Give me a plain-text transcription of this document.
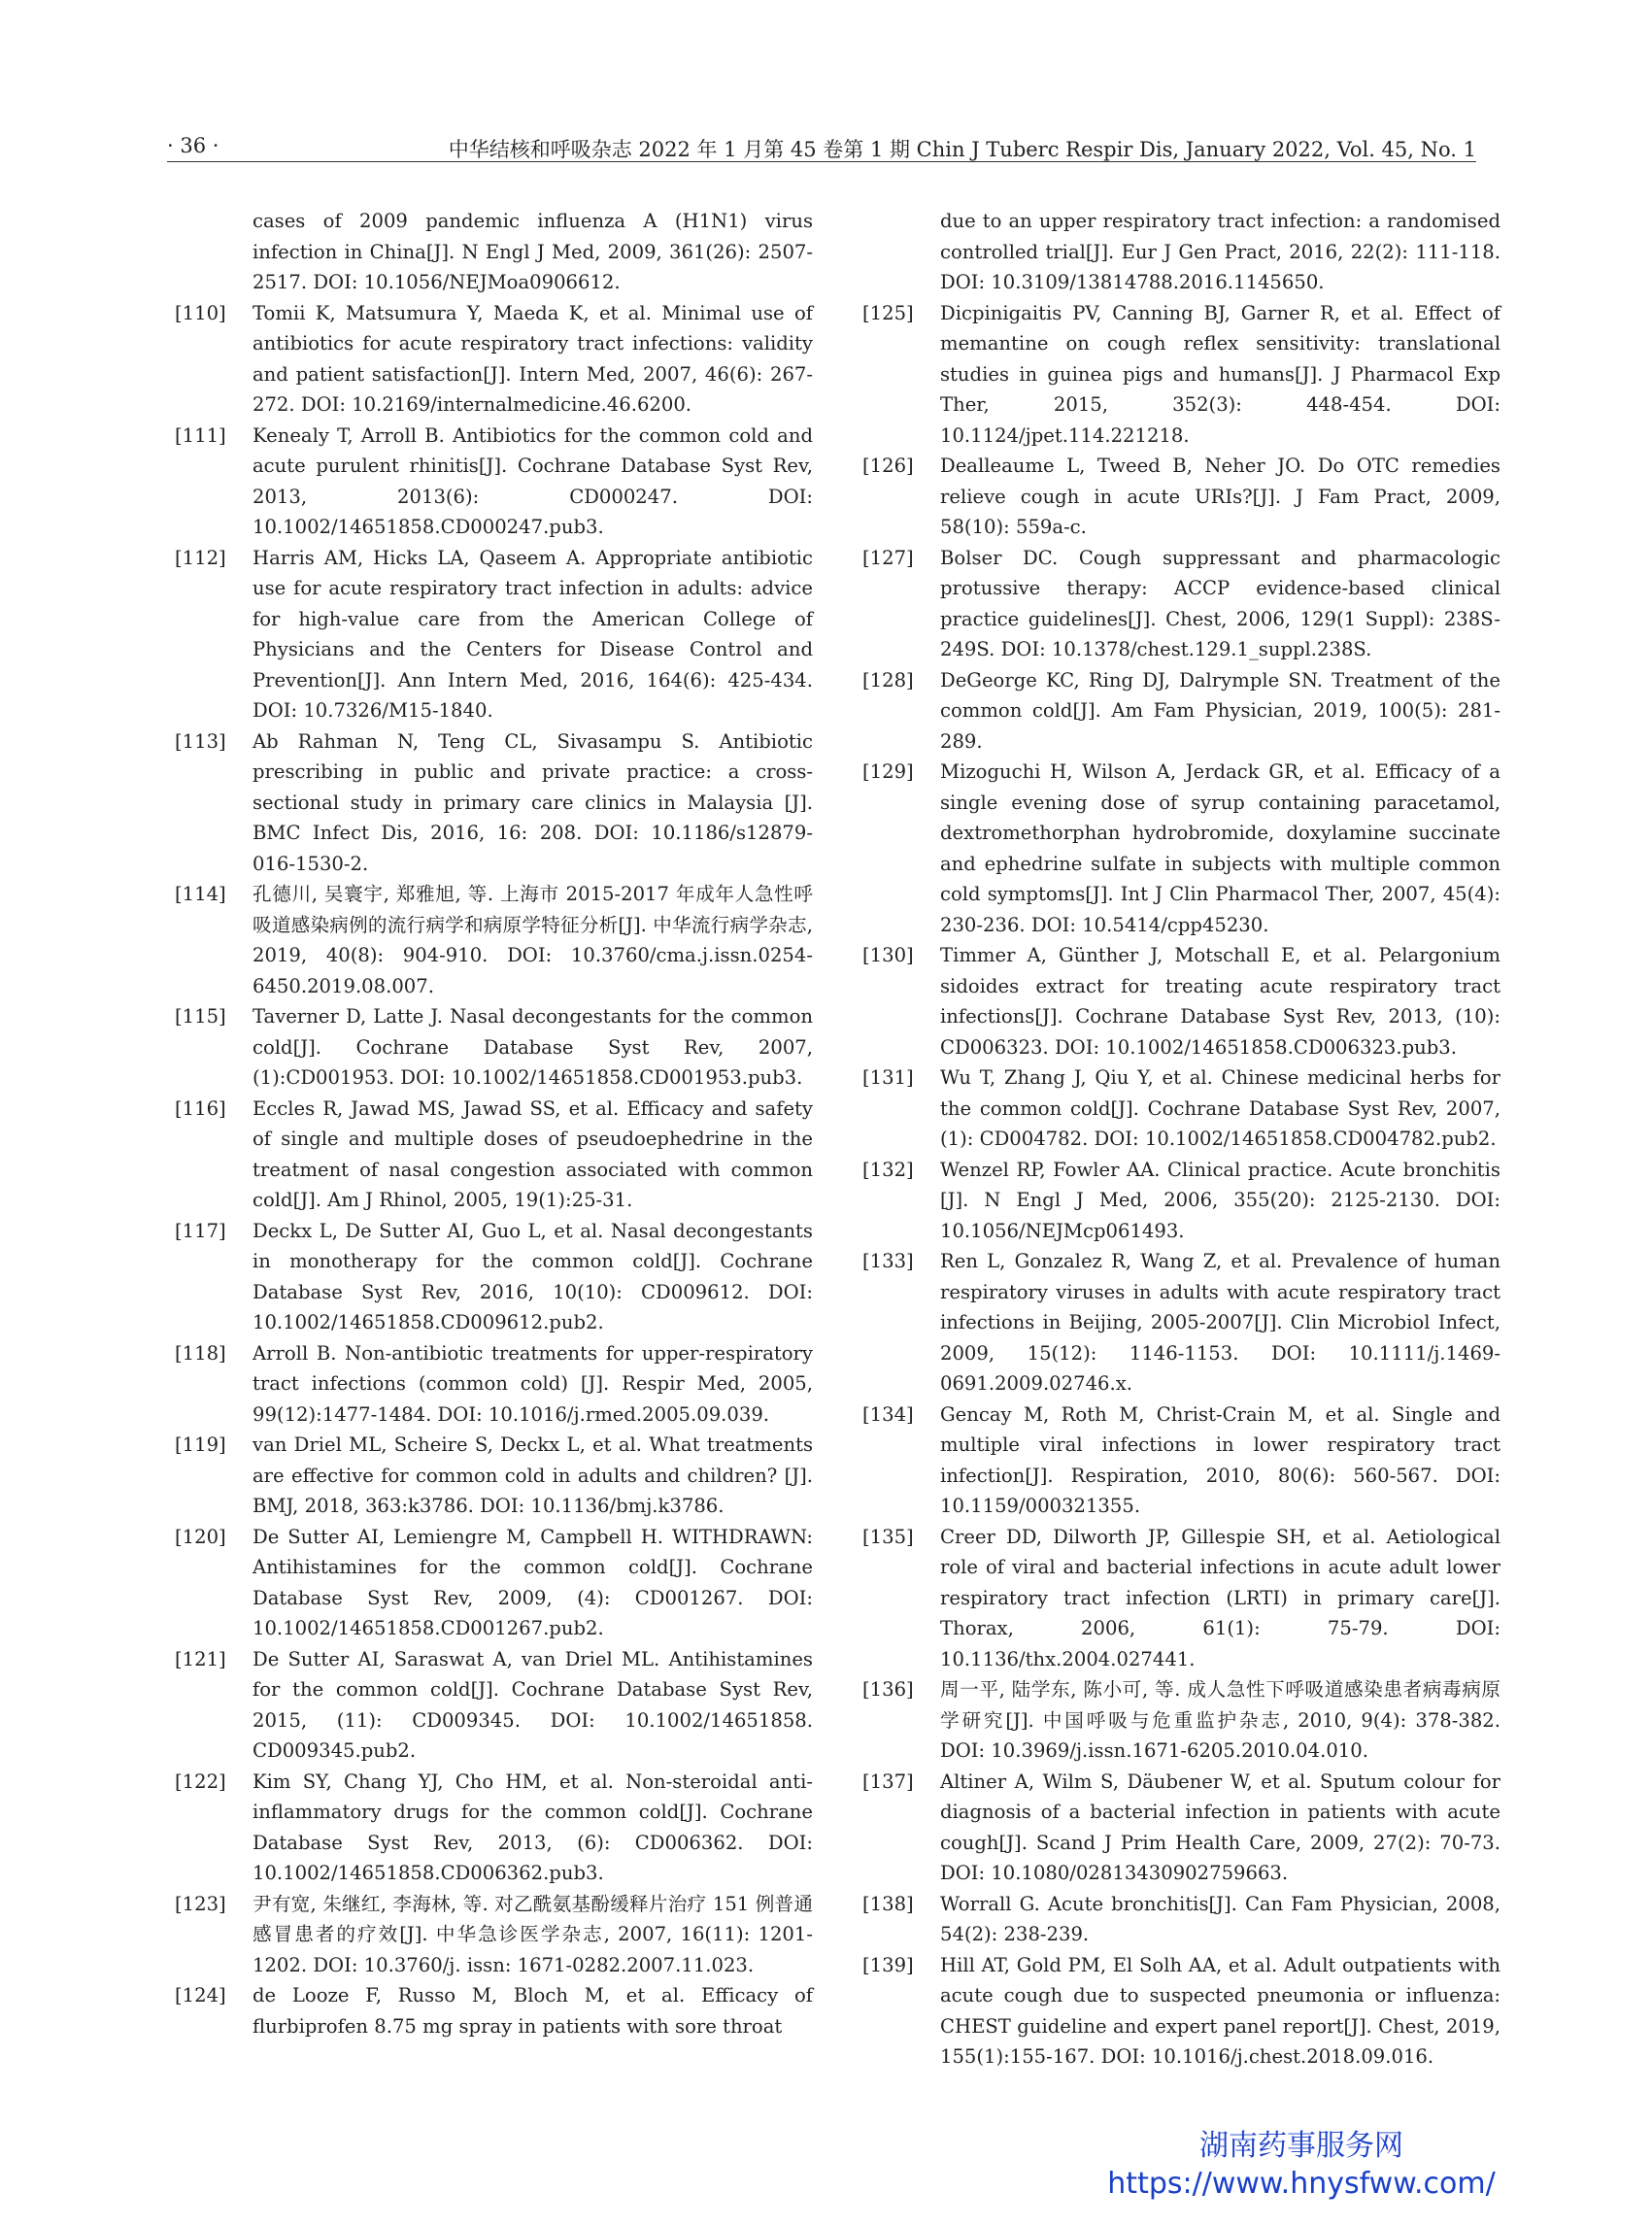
· 36 ·	中华结核和呼吸杂志 2022 年 1 月第 45 卷第 1 期 Chin J Tuberc Respir Dis, January 2022, Vol. 45, No. 1
cases of 2009 pandemic influenza A (H1N1) virus infection in China[J]. N Engl J Med, 2009, 361(26): 2507-2517. DOI: 10.1056/NEJMoa0906612.
[110]	Tomii K, Matsumura Y, Maeda K, et al. Minimal use of antibiotics for acute respiratory tract infections: validity and patient satisfaction[J]. Intern Med, 2007, 46(6): 267-272. DOI: 10.2169/internalmedicine.46.6200.
[111]	Kenealy T, Arroll B. Antibiotics for the common cold and acute purulent rhinitis[J]. Cochrane Database Syst Rev, 2013, 2013(6): CD000247. DOI: 10.1002/14651858.CD000247.pub3.
[112]	Harris AM, Hicks LA, Qaseem A. Appropriate antibiotic use for acute respiratory tract infection in adults: advice for high-value care from the American College of Physicians and the Centers for Disease Control and Prevention[J]. Ann Intern Med, 2016, 164(6): 425-434. DOI: 10.7326/M15-1840.
[113]	Ab Rahman N, Teng CL, Sivasampu S. Antibiotic prescribing in public and private practice: a cross-sectional study in primary care clinics in Malaysia [J]. BMC Infect Dis, 2016, 16: 208. DOI: 10.1186/s12879-016-1530-2.
[114]	孔德川, 吴寰宇, 郑雅旭, 等. 上海市 2015-2017 年成年人急性呼吸道感染病例的流行病学和病原学特征分析[J]. 中华流行病学杂志, 2019, 40(8): 904-910. DOI: 10.3760/cma.j.issn.0254-6450.2019.08.007.
[115]	Taverner D, Latte J. Nasal decongestants for the common cold[J]. Cochrane Database Syst Rev, 2007, (1):CD001953. DOI: 10.1002/14651858.CD001953.pub3.
[116]	Eccles R, Jawad MS, Jawad SS, et al. Efficacy and safety of single and multiple doses of pseudoephedrine in the treatment of nasal congestion associated with common cold[J]. Am J Rhinol, 2005, 19(1):25-31.
[117]	Deckx L, De Sutter AI, Guo L, et al. Nasal decongestants in monotherapy for the common cold[J]. Cochrane Database Syst Rev, 2016, 10(10): CD009612. DOI: 10.1002/14651858.CD009612.pub2.
[118]	Arroll B. Non-antibiotic treatments for upper-respiratory tract infections (common cold) [J]. Respir Med, 2005, 99(12):1477-1484. DOI: 10.1016/j.rmed.2005.09.039.
[119]	van Driel ML, Scheire S, Deckx L, et al. What treatments are effective for common cold in adults and children? [J]. BMJ, 2018, 363:k3786. DOI: 10.1136/bmj.k3786.
[120]	De Sutter AI, Lemiengre M, Campbell H. WITHDRAWN: Antihistamines for the common cold[J]. Cochrane Database Syst Rev, 2009, (4): CD001267. DOI: 10.1002/14651858.CD001267.pub2.
[121]	De Sutter AI, Saraswat A, van Driel ML. Antihistamines for the common cold[J]. Cochrane Database Syst Rev, 2015, (11): CD009345. DOI: 10.1002/14651858. CD009345.pub2.
[122]	Kim SY, Chang YJ, Cho HM, et al. Non-steroidal anti-inflammatory drugs for the common cold[J]. Cochrane Database Syst Rev, 2013, (6): CD006362. DOI: 10.1002/14651858.CD006362.pub3.
[123]	尹有宽, 朱继红, 李海林, 等. 对乙酰氨基酚缓释片治疗 151 例普通感冒患者的疗效[J]. 中华急诊医学杂志, 2007, 16(11): 1201-1202. DOI: 10.3760/j. issn: 1671-0282.2007.11.023.
[124]	de Looze F, Russo M, Bloch M, et al. Efficacy of flurbiprofen 8.75 mg spray in patients with sore throat
due to an upper respiratory tract infection: a randomised controlled trial[J]. Eur J Gen Pract, 2016, 22(2): 111-118. DOI: 10.3109/13814788.2016.1145650.
[125]	Dicpinigaitis PV, Canning BJ, Garner R, et al. Effect of memantine on cough reflex sensitivity: translational studies in guinea pigs and humans[J]. J Pharmacol Exp Ther, 2015, 352(3): 448-454. DOI: 10.1124/jpet.114.221218.
[126]	Dealleaume L, Tweed B, Neher JO. Do OTC remedies relieve cough in acute URIs?[J]. J Fam Pract, 2009, 58(10): 559a-c.
[127]	Bolser DC. Cough suppressant and pharmacologic protussive therapy: ACCP evidence-based clinical practice guidelines[J]. Chest, 2006, 129(1 Suppl): 238S-249S. DOI: 10.1378/chest.129.1_suppl.238S.
[128]	DeGeorge KC, Ring DJ, Dalrymple SN. Treatment of the common cold[J]. Am Fam Physician, 2019, 100(5): 281-289.
[129]	Mizoguchi H, Wilson A, Jerdack GR, et al. Efficacy of a single evening dose of syrup containing paracetamol, dextromethorphan hydrobromide, doxylamine succinate and ephedrine sulfate in subjects with multiple common cold symptoms[J]. Int J Clin Pharmacol Ther, 2007, 45(4): 230-236. DOI: 10.5414/cpp45230.
[130]	Timmer A, Günther J, Motschall E, et al. Pelargonium sidoides extract for treating acute respiratory tract infections[J]. Cochrane Database Syst Rev, 2013, (10): CD006323. DOI: 10.1002/14651858.CD006323.pub3.
[131]	Wu T, Zhang J, Qiu Y, et al. Chinese medicinal herbs for the common cold[J]. Cochrane Database Syst Rev, 2007, (1): CD004782. DOI: 10.1002/14651858.CD004782.pub2.
[132]	Wenzel RP, Fowler AA. Clinical practice. Acute bronchitis [J]. N Engl J Med, 2006, 355(20): 2125-2130. DOI: 10.1056/NEJMcp061493.
[133]	Ren L, Gonzalez R, Wang Z, et al. Prevalence of human respiratory viruses in adults with acute respiratory tract infections in Beijing, 2005-2007[J]. Clin Microbiol Infect, 2009, 15(12): 1146-1153. DOI: 10.1111/j.1469-0691.2009.02746.x.
[134]	Gencay M, Roth M, Christ-Crain M, et al. Single and multiple viral infections in lower respiratory tract infection[J]. Respiration, 2010, 80(6): 560-567. DOI: 10.1159/000321355.
[135]	Creer DD, Dilworth JP, Gillespie SH, et al. Aetiological role of viral and bacterial infections in acute adult lower respiratory tract infection (LRTI) in primary care[J]. Thorax, 2006, 61(1): 75-79. DOI: 10.1136/thx.2004.027441.
[136]	周一平, 陆学东, 陈小可, 等. 成人急性下呼吸道感染患者病毒病原学研究[J]. 中国呼吸与危重监护杂志, 2010, 9(4): 378-382. DOI: 10.3969/j.issn.1671-6205.2010.04.010.
[137]	Altiner A, Wilm S, Däubener W, et al. Sputum colour for diagnosis of a bacterial infection in patients with acute cough[J]. Scand J Prim Health Care, 2009, 27(2): 70-73. DOI: 10.1080/02813430902759663.
[138]	Worrall G. Acute bronchitis[J]. Can Fam Physician, 2008, 54(2): 238-239.
[139]	Hill AT, Gold PM, El Solh AA, et al. Adult outpatients with acute cough due to suspected pneumonia or influenza: CHEST guideline and expert panel report[J]. Chest, 2019, 155(1):155-167. DOI: 10.1016/j.chest.2018.09.016.
湖南药事服务网
https://www.hnysfww.com/
